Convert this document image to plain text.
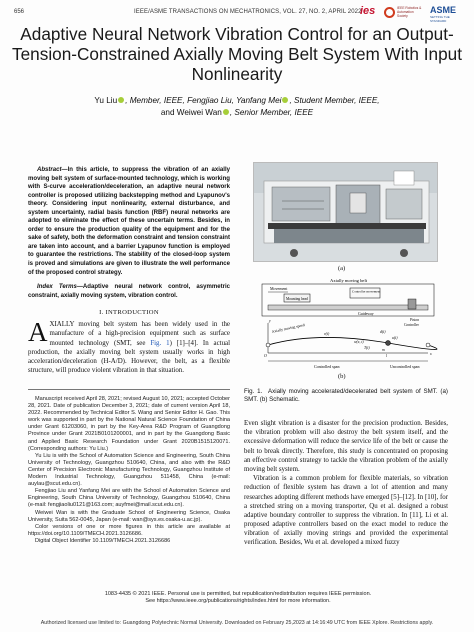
656	IEEE/ASME TRANSACTIONS ON MECHATRONICS, VOL. 27, NO. 2, APRIL 2022
ies	IEEE Robotics & Automation Society
ASME
SETTING THE STANDARD
Adaptive Neural Network Vibration Control for an Output-Tension-Constrained Axially Moving Belt System With Input Nonlinearity
Yu Liu , Member, IEEE, Fengjiao Liu, Yanfang Mei , Student Member, IEEE,
and Weiwei Wan , Senior Member, IEEE

Abstract—In this article, to suppress the vibration of an axially moving belt system of surface-mounted technology, which is working with S-curve acceleration/deceleration, an adaptive neural network controller is proposed utilizing backstepping method and Lyapunov's theory. Considering input nonlinearity, external disturbance, and system uncertainty, radial basis function (RBF) neural networks are adopted to eliminate the effect of these uncertain terms. Besides, in order to ensure the production quality of the equipment and for the sake of safety, both the deformation constraint and tension constraint are taken into account, and a barrier Lyapunov function is employed to guarantee the restrictions. The stability of the closed-loop system is proved and simulations are given to illustrate the well performance of the proposed control strategy.

Index Terms—Adaptive neural network control, asymmetric constraint, axially moving system, vibration control.

I. INTRODUCTION

AXIALLY moving belt system has been widely used in the manufacture of a high-precision equipment such as surface mounted technology (SMT, see Fig. 1) [1]–[4]. In actual production, the axially moving belt system usually works in high acceleration/deceleration (H-A/D). However, the belt, as a flexible structure, will produce violent vibration in that situation.

Manuscript received April 28, 2021; revised August 10, 2021; accepted October 28, 2021. Date of publication December 3, 2021; date of current version April 18, 2022. Recommended by Technical Editor S. Wang and Senior Editor H. Gao. This work was supported in part by the National Natural Science Foundation of China under Grant 61203060, in part by the Key-Area R&D Program of Guangdong Province under Grant 2021B0101200001, and in part by the Guangdong Basic and Applied Basic Research Foundation under Grant 2020B1515120071. (Corresponding authors: Yu Liu.)

Yu Liu is with the School of Automation Science and Engineering, South China University of Technology, Guangzhou 510640, China, and also with the R&D Center of Precision Electronic Manufacturing Technology, Guangzhou Institute of Modern Industrial Technology, Guangzhou 511458, China (e-mail: auylau@scut.edu.cn).

Fengjiao Liu and Yanfang Mei are with the School of Automation Science and Engineering, South China University of Technology, Guangzhou 510640, China (e-mail: fengjiaoliu0121@163.com; auyfmei@mail.scut.edu.cn).

Weiwei Wan is with the Graduate School of Engineering Science, Osaka University, Suita 562-0045, Japan (e-mail: wan@sys.es.osaka-u.ac.jp).

Color versions of one or more figures in this article are available at https://doi.org/10.1109/TMECH.2021.3126686.

Digital Object Identifier 10.1109/TMECH.2021.3126686

(a)
Axially moving belt
Movement
Mounting head
Controller movement
Guideway
Piston
Controller
Axially moving speed
v(t)	d(t)
u(t)
w(x, t)
m
T(t)
O	x
y
l
Controlled span	Uncontrolled span
(b)
Fig. 1. Axially moving accelerated/decelerated belt system of SMT. (a) SMT. (b) Schematic.

Even slight vibration is a disaster for the precision production. Besides, the vibration problem will also destroy the belt system itself, and the excessive deformation will reduce the service life of the belt or cause the belt to break directly. Therefore, this study is concentrated on proposing an effective control strategy to tackle the vibration problem of the axially moving belt system.

Vibration is a common problem for flexible materials, so vibration reduction of flexible system has drawn a lot of attention and many researches adopting different methods have emerged [5]–[12]. In [10], for a stretched string on a moving transporter, Qu et al. designed a robust adaptive boundary controller to suppress the vibration. In [11], Li et al. proposed adaptive controllers based on the exact model to reduce the vibration of axially moving strings and provided the experimental verification. Besides, Wu et al. developed a mixed fuzzy

1083-4435 © 2021 IEEE. Personal use is permitted, but republication/redistribution requires IEEE permission.
See https://www.ieee.org/publications/rights/index.html for more information.
Authorized licensed use limited to: Guangdong Polytechnic Normal University. Downloaded on February 25,2023 at 14:16:49 UTC from IEEE Xplore. Restrictions apply.
